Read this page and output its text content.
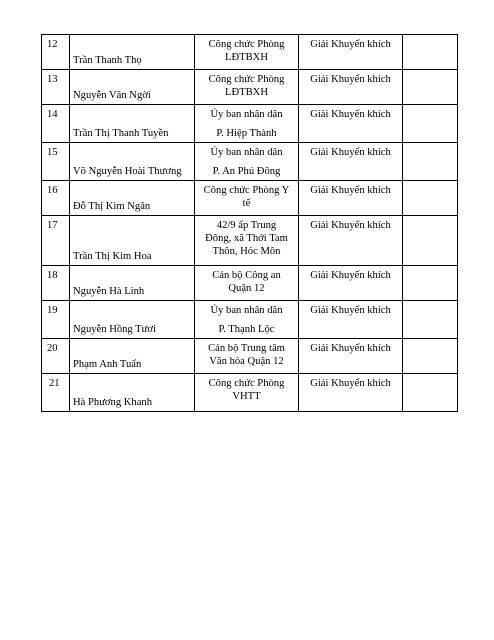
12	Trần Thanh Thọ	Công chức Phòng
LĐTBXH	Giải Khuyến khích	
13	Nguyễn Văn Ngời	Công chức Phòng
LĐTBXH	Giải Khuyến khích	
14	Trần Thị Thanh Tuyền	Ủy ban nhân dân
P. Hiệp Thành	Giải Khuyến khích	
15	Võ Nguyễn Hoài Thương	Ủy ban nhân dân
P. An Phú Đông	Giải Khuyến khích	
16	Đỗ Thị Kim Ngân	Công chức Phòng Y
tế	Giải Khuyến khích	
17	Trần Thị Kim Hoa	42/9 ấp Trung
Đông, xã Thới Tam
Thôn, Hóc Môn	Giải Khuyến khích	
18	Nguyễn Hà Linh	Cán bộ Công an
Quận 12	Giải Khuyến khích	
19	Nguyễn Hồng Tươi	Ủy ban nhân dân
P. Thạnh Lộc	Giải Khuyến khích	
20	Phạm Anh Tuấn	Cán bộ Trung tâm
Văn hóa Quận 12	Giải Khuyến khích	
21	Hà Phương Khanh	Công chức Phòng
VHTT	Giải Khuyến khích	
